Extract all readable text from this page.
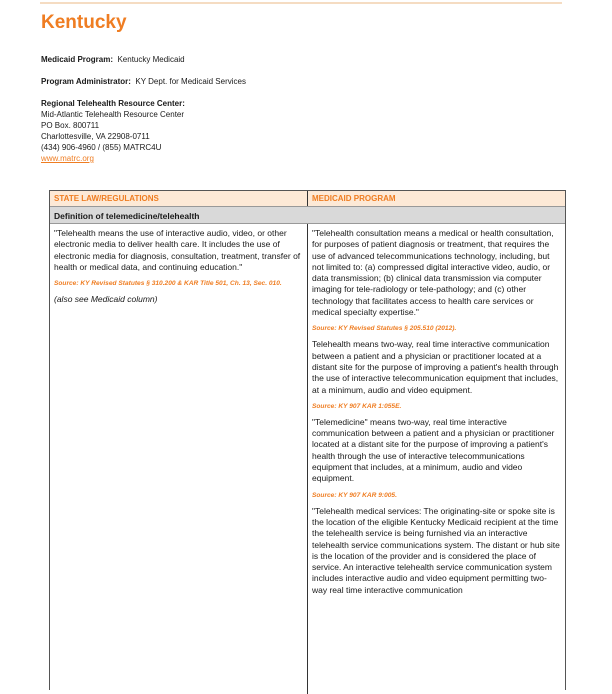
Kentucky
Medicaid Program: Kentucky Medicaid
Program Administrator: KY Dept. for Medicaid Services
Regional Telehealth Resource Center:
Mid-Atlantic Telehealth Resource Center
PO Box. 800711
Charlottesville, VA 22908-0711
(434) 906-4960 / (855) MATRC4U
www.matrc.org
STATE LAW/REGULATIONS	MEDICAID PROGRAM
Definition of telemedicine/telehealth

"Telehealth means the use of interactive audio, video, or other electronic media to deliver health care. It includes the use of electronic media for diagnosis, consultation, treatment, transfer of health or medical data, and continuing education."

Source: KY Revised Statutes § 310.200 & KAR Title 501, Ch. 13, Sec. 010.

(also see Medicaid column)

"Telehealth consultation means a medical or health consultation, for purposes of patient diagnosis or treatment, that requires the use of advanced telecommunications technology, including, but not limited to: (a) compressed digital interactive video, audio, or data transmission; (b) clinical data transmission via computer imaging for tele-radiology or tele-pathology; and (c) other technology that facilitates access to health care services or medical specialty expertise."

Source: KY Revised Statutes § 205.510 (2012).

Telehealth means two-way, real time interactive communication between a patient and a physician or practitioner located at a distant site for the purpose of improving a patient's health through the use of interactive telecommunication equipment that includes, at a minimum, audio and video equipment.

Source: KY 907 KAR 1:055E.

"Telemedicine" means two-way, real time interactive communication between a patient and a physician or practitioner located at a distant site for the purpose of improving a patient's health through the use of interactive telecommunications equipment that includes, at a minimum, audio and video equipment.

Source: KY 907 KAR 9:005.

"Telehealth medical services: The originating-site or spoke site is the location of the eligible Kentucky Medicaid recipient at the time the telehealth service is being furnished via an interactive telehealth service communications system. The distant or hub site is the location of the provider and is considered the place of service. An interactive telehealth service communication system includes interactive audio and video equipment permitting two-way real time interactive communication
